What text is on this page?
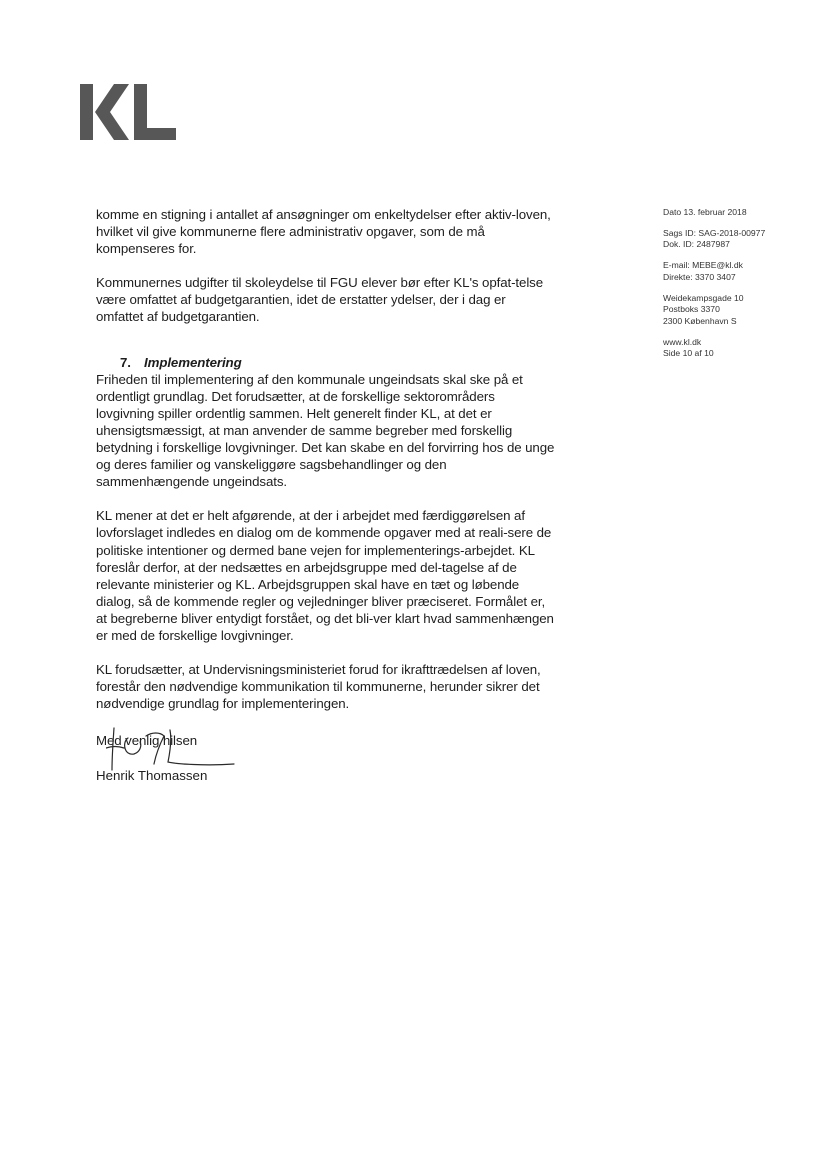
komme en stigning i antallet af ansøgninger om enkeltydelser efter aktiv-loven, hvilket vil give kommunerne flere administrativ opgaver, som de må kompenseres for.

Kommunernes udgifter til skoleydelse til FGU elever bør efter KL's opfat-telse være omfattet af budgetgarantien, idet de erstatter ydelser, der i dag er omfattet af budgetgarantien.

7. Implementering

Friheden til implementering af den kommunale ungeindsats skal ske på et ordentligt grundlag. Det forudsætter, at de forskellige sektorområders lovgivning spiller ordentlig sammen. Helt generelt finder KL, at det er uhensigtsmæssigt, at man anvender de samme begreber med forskellig betydning i forskellige lovgivninger. Det kan skabe en del forvirring hos de unge og deres familier og vanskeliggøre sagsbehandlinger og den sammenhængende ungeindsats.

KL mener at det er helt afgørende, at der i arbejdet med færdiggørelsen af lovforslaget indledes en dialog om de kommende opgaver med at reali-sere de politiske intentioner og dermed bane vejen for implementerings-arbejdet. KL foreslår derfor, at der nedsættes en arbejdsgruppe med del-tagelse af de relevante ministerier og KL. Arbejdsgruppen skal have en tæt og løbende dialog, så de kommende regler og vejledninger bliver præciseret. Formålet er, at begreberne bliver entydigt forstået, og det bli-ver klart hvad sammenhængen er med de forskellige lovgivninger.

KL forudsætter, at Undervisningsministeriet forud for ikrafttrædelsen af loven, forestår den nødvendige kommunikation til kommunerne, herunder sikrer det nødvendige grundlag for implementeringen.

Med venlig hilsen

Henrik Thomassen
Dato 13. februar 2018
Sags ID: SAG-2018-00977
Dok. ID: 2487987
E-mail: MEBE@kl.dk
Direkte: 3370 3407
Weidekampsgade 10
Postboks 3370
2300 København S
www.kl.dk
Side 10 af 10
